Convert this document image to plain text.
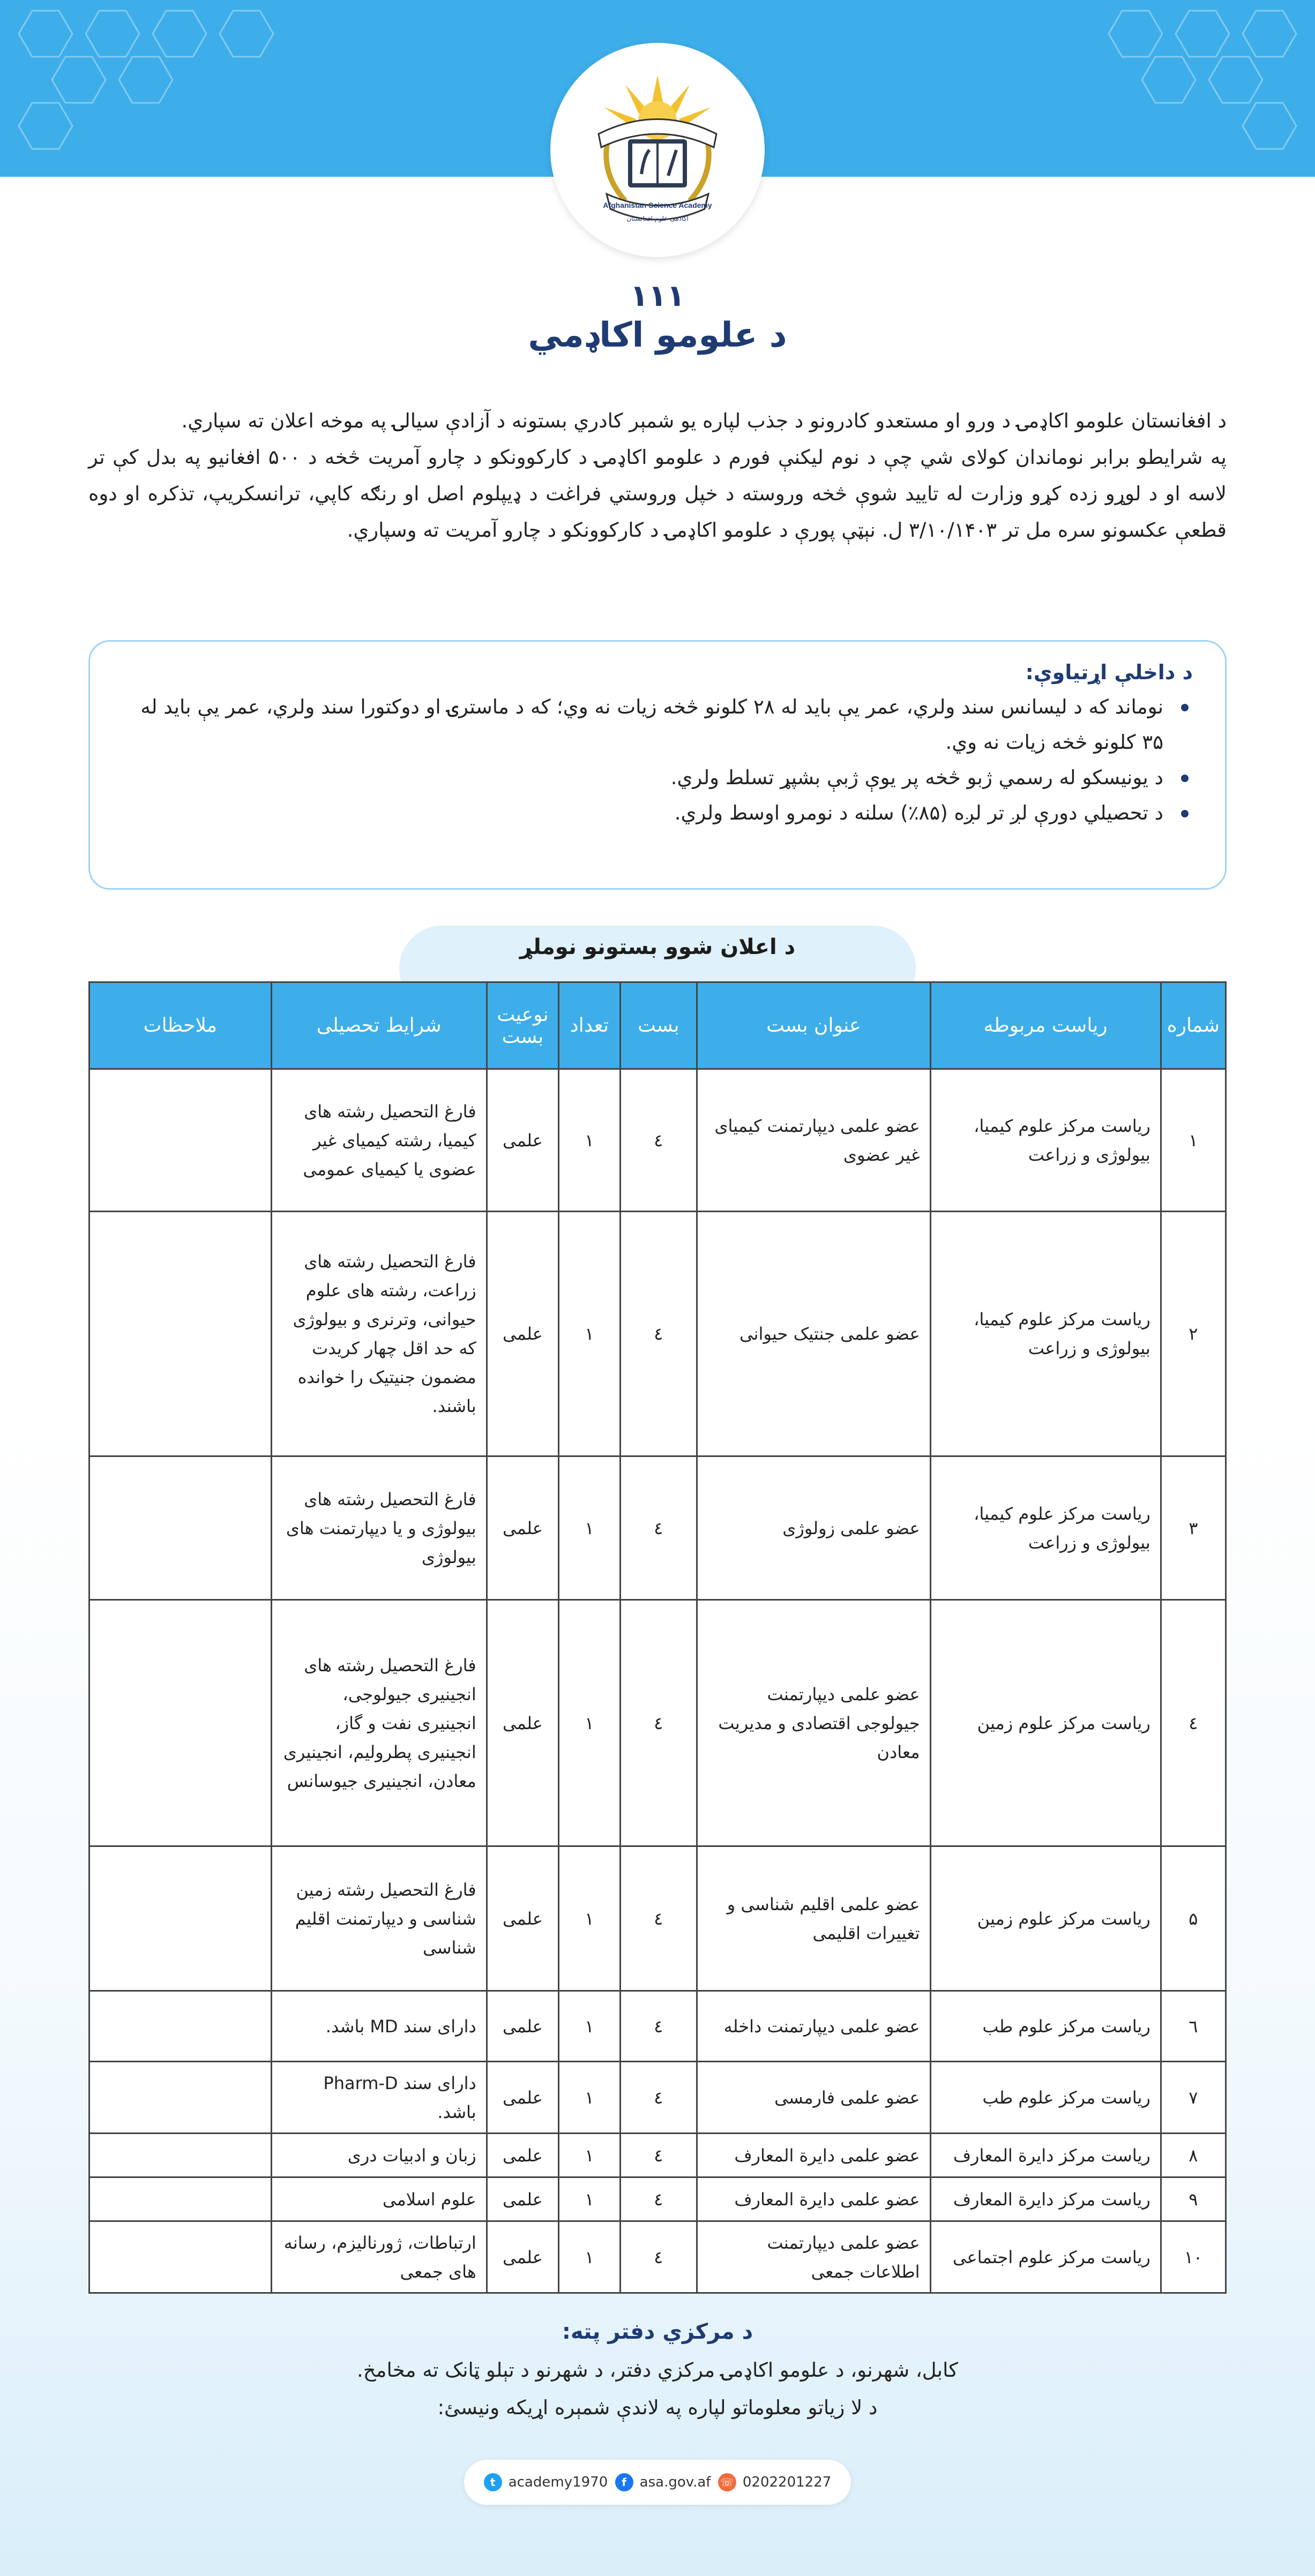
Afghanistan Science Academy
اکادمی علوم افغانستان
۱۱۱
د علومو اکاډمي

د افغانستان علومو اکاډمۍ د ورو او مستعدو کادرونو د جذب لپاره یو شمېر کادري بستونه د آزادې سیالۍ په موخه اعلان ته سپاري.

په شرایطو برابر نوماندان کولای شي چې د نوم لیکنې فورم د علومو اکاډمۍ د کارکوونکو د چارو آمریت څخه د ۵۰۰ افغانیو په بدل کې تر لاسه او د لوړو زده کړو وزارت له تایید شوې څخه وروسته د خپل وروستي فراغت د ډیپلوم اصل او رنګه کاپي، ترانسکریپ، تذکره او دوه قطعې عکسونو سره مل تر ۳/۱۰/۱۴۰۳ ل. نېټې پورې د علومو اکاډمۍ د کارکوونکو د چارو آمریت ته وسپاري.

د داخلې اړتیاوې:
نوماند که د لیسانس سند ولري، عمر یې باید له ۲۸ کلونو څخه زیات نه وي؛ که د ماسترۍ او دوکتورا سند ولري، عمر یې باید له ۳۵ کلونو څخه زیات نه وي.
د یونیسکو له رسمي ژبو څخه پر یوې ژبې بشپړ تسلط ولري.
د تحصیلي دورې لږ تر لږه (۸۵٪) سلنه د نومرو اوسط ولري.
د اعلان شوو بستونو نوملړ
شماره	ریاست مربوطه	عنوان بست	بست	تعداد	نوعیت بست	شرایط تحصیلی	ملاحظات
۱	ریاست مرکز علوم کیمیا، بیولوژی و زراعت	عضو علمی دیپارتمنت کیمیای غیر عضوی	٤	۱	علمی	فارغ التحصیل رشته های کیمیا، رشته کیمیای غیر عضوی یا کیمیای عمومی	
۲	ریاست مرکز علوم کیمیا، بیولوژی و زراعت	عضو علمی جنتیک حیوانی	٤	۱	علمی	فارغ التحصیل رشته های زراعت، رشته های علوم حیوانی، وترنری و بیولوژی که حد اقل چهار کریدت مضمون جنیتیک را خوانده باشند.	
۳	ریاست مرکز علوم کیمیا، بیولوژی و زراعت	عضو علمی زولوژی	٤	۱	علمی	فارغ التحصیل رشته های بیولوژی و یا دیپارتمنت های بیولوژی	
٤	ریاست مرکز علوم زمین	عضو علمی دیپارتمنت جیولوجی اقتصادی و مدیریت معادن	٤	۱	علمی	فارغ التحصیل رشته های انجینیری جیولوجی، انجینیری نفت و گاز، انجینیری پطرولیم، انجینیری معادن، انجینیری جیوسانس	
۵	ریاست مرکز علوم زمین	عضو علمی اقلیم شناسی و تغییرات اقلیمی	٤	۱	علمی	فارغ التحصیل رشته زمین شناسی و دیپارتمنت اقلیم شناسی	
٦	ریاست مرکز علوم طب	عضو علمی دیپارتمنت داخله	٤	۱	علمی	دارای سند MD باشد.	
۷	ریاست مرکز علوم طب	عضو علمی فارمسی	٤	۱	علمی	دارای سند Pharm-D باشد.	
۸	ریاست مرکز دایرة المعارف	عضو علمی دایرة المعارف	٤	۱	علمی	زبان و ادبیات دری	
۹	ریاست مرکز دایرة المعارف	عضو علمی دایرة المعارف	٤	۱	علمی	علوم اسلامی	
۱۰	ریاست مرکز علوم اجتماعی	عضو علمی دیپارتمنت اطلاعات جمعی	٤	۱	علمی	ارتباطات، ژورنالیزم، رسانه های جمعی	
د مرکزي دفتر پته:
کابل، شهرنو، د علومو اکاډمۍ مرکزي دفتر، د شهرنو د تېلو ټانک ته مخامخ.
د لا زیاتو معلوماتو لپاره په لاندې شمېره اړیکه ونیسئ:
t academy1970	f asa.gov.af ☏ 0202201227
